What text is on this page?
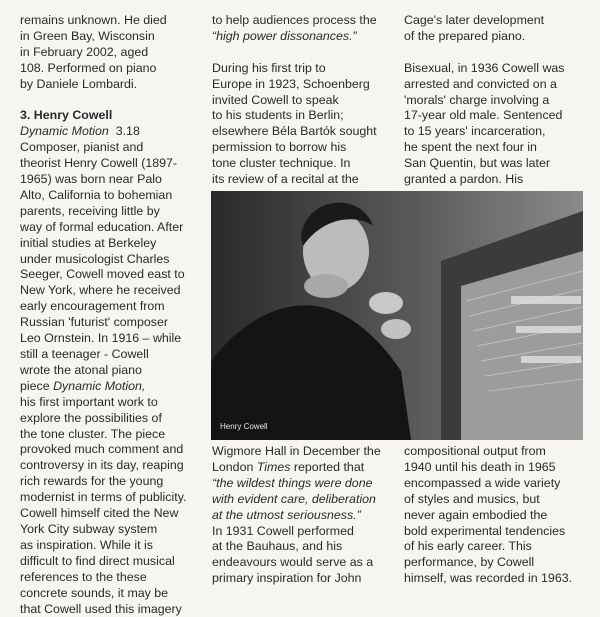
remains unknown. He died

in Green Bay, Wisconsin

in February 2002, aged

108. Performed on piano

by Daniele Lombardi.

3. Henry Cowell

Dynamic Motion 3.18

Composer, pianist and

theorist Henry Cowell (1897-

1965) was born near Palo

Alto, California to bohemian

parents, receiving little by

way of formal education. After

initial studies at Berkeley

under musicologist Charles

Seeger, Cowell moved east to

New York, where he received

early encouragement from

Russian 'futurist' composer

Leo Ornstein. In 1916 – while

still a teenager - Cowell

wrote the atonal piano

piece Dynamic Motion,

his first important work to

explore the possibilities of

the tone cluster. The piece

provoked much comment and

controversy in its day, reaping

rich rewards for the young

modernist in terms of publicity.

Cowell himself cited the New

York City subway system

as inspiration. While it is

difficult to find direct musical

references to the these

concrete sounds, it may be

that Cowell used this imagery

to help audiences process the

“high power dissonances.”

During his first trip to

Europe in 1923, Schoenberg

invited Cowell to speak

to his students in Berlin;

elsewhere Béla Bartók sought

permission to borrow his

tone cluster technique. In

its review of a recital at the

Cage's later development

of the prepared piano.

Bisexual, in 1936 Cowell was

arrested and convicted on a

'morals' charge involving a

17-year old male. Sentenced

to 15 years' incarceration,

he spent the next four in

San Quentin, but was later

granted a pardon. His

Henry Cowell

Wigmore Hall in December the

London Times reported that

“the wildest things were done

with evident care, deliberation

at the utmost seriousness.”

In 1931 Cowell performed

at the Bauhaus, and his

endeavours would serve as a

primary inspiration for John

compositional output from

1940 until his death in 1965

encompassed a wide variety

of styles and musics, but

never again embodied the

bold experimental tendencies

of his early career. This

performance, by Cowell

himself, was recorded in 1963.
